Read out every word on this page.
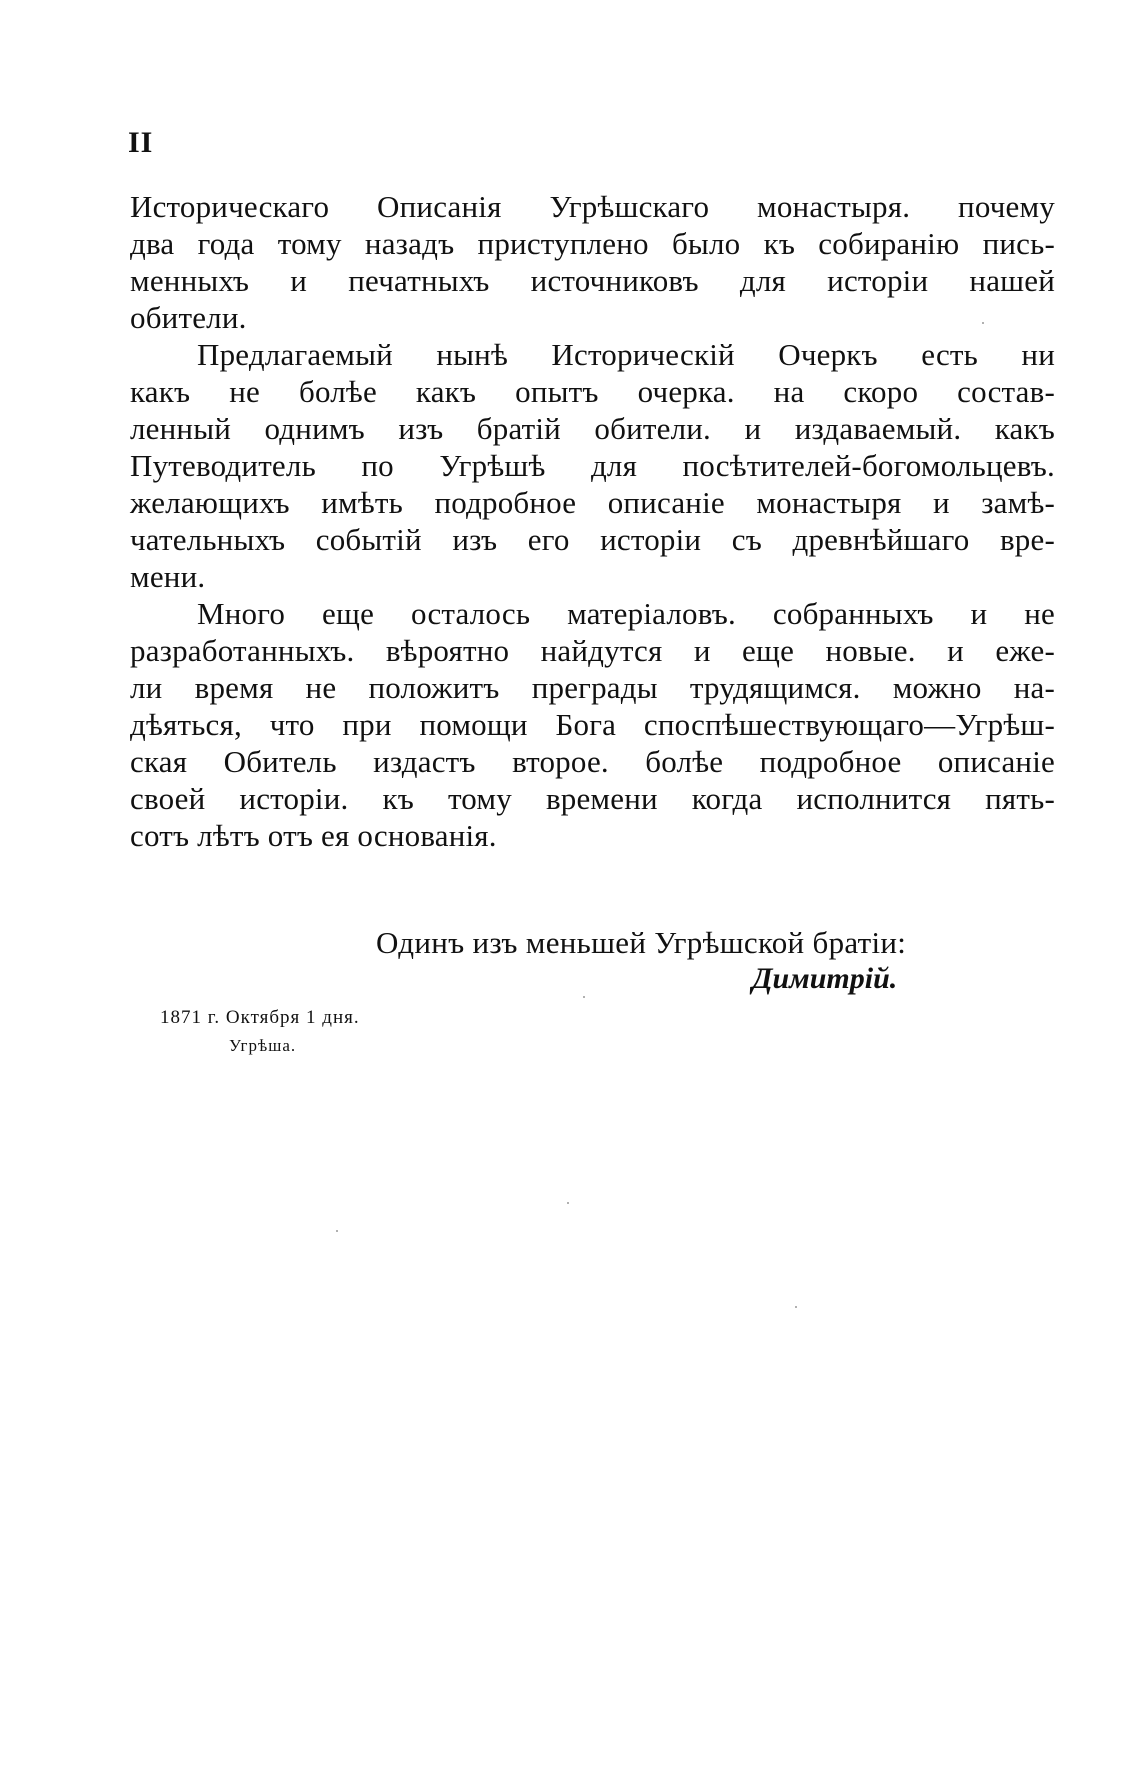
II
Историческаго Описанія Угрѣшскаго монастыря. почему
два года тому назадъ приступлено было къ собиранію пись-
менныхъ и печатныхъ источниковъ для исторіи нашей
обители.
Предлагаемый нынѣ Историческій Очеркъ есть ни
какъ не болѣе какъ опытъ очерка. на скоро состав-
ленный однимъ изъ братій обители. и издаваемый. какъ
Путеводитель по Угрѣшѣ для посѣтителей-богомольцевъ.
желающихъ имѣть подробное описаніе монастыря и замѣ-
чательныхъ событій изъ его исторіи съ древнѣйшаго вре-
мени.
Много еще осталось матеріаловъ. собранныхъ и не
разработанныхъ. вѣроятно найдутся и еще новые. и еже-
ли время не положитъ преграды трудящимся. можно на-
дѣяться, что при помощи Бога споспѣшествующаго—Угрѣш-
ская Обитель издастъ второе. болѣе подробное описаніе
своей исторіи. къ тому времени когда исполнится пять-
сотъ лѣтъ отъ ея основанія.
Одинъ изъ меньшей Угрѣшской братіи:
Димитрій.
1871 г. Октября 1 дня.
Угрѣша.
